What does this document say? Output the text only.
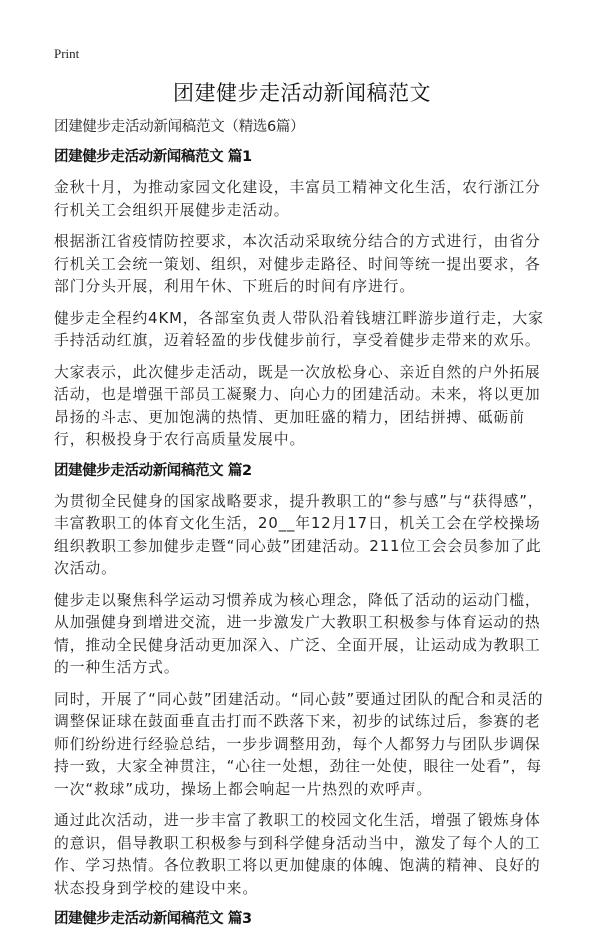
Print

团建健步走活动新闻稿范文

团建健步走活动新闻稿范文（精选6篇）

团建健步走活动新闻稿范文 篇1

金秋十月，为推动家园文化建设，丰富员工精神文化生活，农行浙江分行机关工会组织开展健步走活动。

根据浙江省疫情防控要求，本次活动采取统分结合的方式进行，由省分行机关工会统一策划、组织，对健步走路径、时间等统一提出要求，各部门分头开展，利用午休、下班后的时间有序进行。

健步走全程约4KM，各部室负责人带队沿着钱塘江畔游步道行走，大家手持活动红旗，迈着轻盈的步伐健步前行，享受着健步走带来的欢乐。

大家表示，此次健步走活动，既是一次放松身心、亲近自然的户外拓展活动，也是增强干部员工凝聚力、向心力的团建活动。未来，将以更加昂扬的斗志、更加饱满的热情、更加旺盛的精力，团结拼搏、砥砺前行，积极投身于农行高质量发展中。

团建健步走活动新闻稿范文 篇2

为贯彻全民健身的国家战略要求，提升教职工的“参与感”与“获得感”，丰富教职工的体育文化生活，20__年12月17日，机关工会在学校操场组织教职工参加健步走暨“同心鼓”团建活动。211位工会会员参加了此次活动。

健步走以聚焦科学运动习惯养成为核心理念，降低了活动的运动门槛，从加强健身到增进交流，进一步激发广大教职工积极参与体育运动的热情，推动全民健身活动更加深入、广泛、全面开展，让运动成为教职工的一种生活方式。

同时，开展了“同心鼓”团建活动。“同心鼓”要通过团队的配合和灵活的调整保证球在鼓面垂直击打而不跌落下来，初步的试练过后，参赛的老师们纷纷进行经验总结，一步步调整用劲，每个人都努力与团队步调保持一致，大家全神贯注，“心往一处想，劲往一处使，眼往一处看”，每一次“救球”成功，操场上都会响起一片热烈的欢呼声。

通过此次活动，进一步丰富了教职工的校园文化生活，增强了锻炼身体的意识，倡导教职工积极参与到科学健身活动当中，激发了每个人的工作、学习热情。各位教职工将以更加健康的体魄、饱满的精神、良好的状态投身到学校的建设中来。

团建健步走活动新闻稿范文 篇3
